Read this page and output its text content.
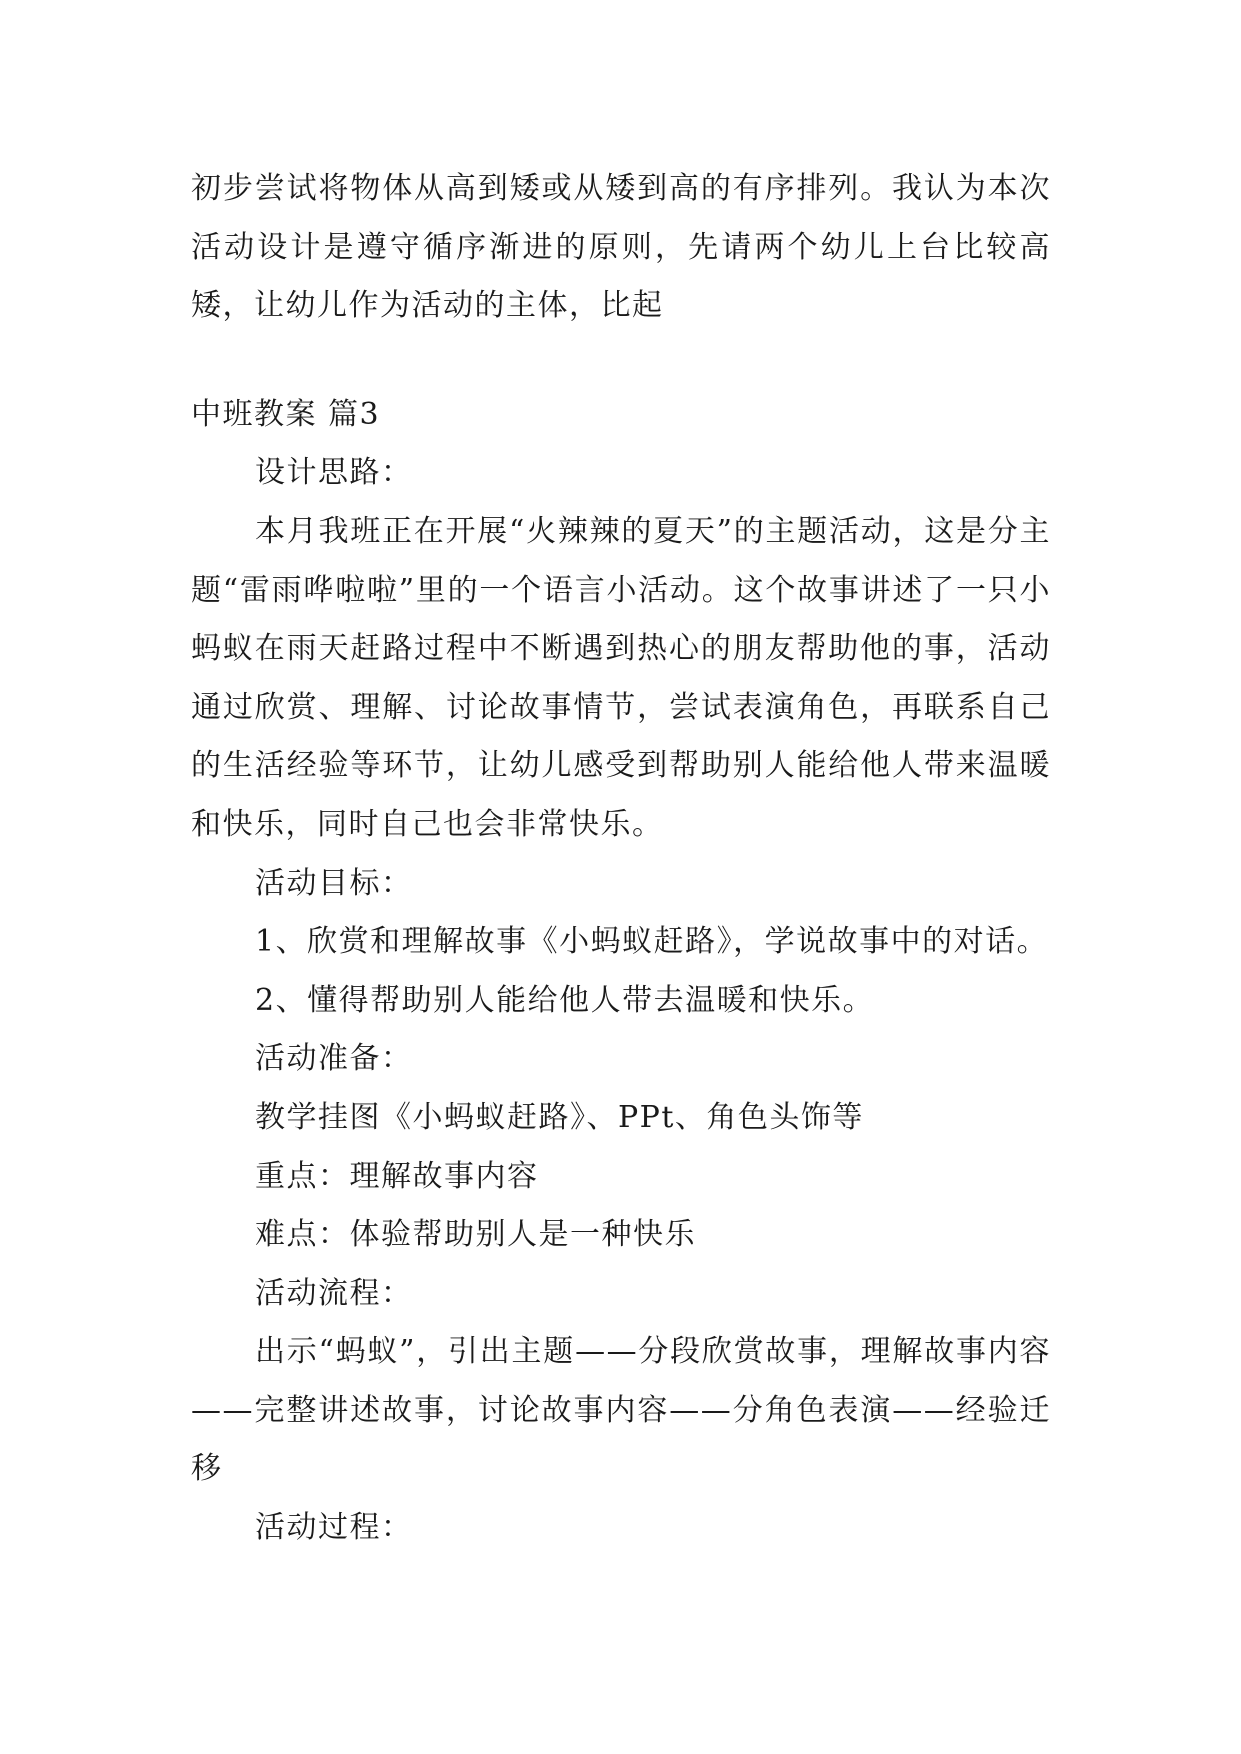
初步尝试将物体从高到矮或从矮到高的有序排列。我认为本次活动设计是遵守循序渐进的原则，先请两个幼儿上台比较高矮，让幼儿作为活动的主体，比起

中班教案 篇3

设计思路：

本月我班正在开展“火辣辣的夏天”的主题活动，这是分主题“雷雨哗啦啦”里的一个语言小活动。这个故事讲述了一只小蚂蚁在雨天赶路过程中不断遇到热心的朋友帮助他的事，活动通过欣赏、理解、讨论故事情节，尝试表演角色，再联系自己的生活经验等环节，让幼儿感受到帮助别人能给他人带来温暖和快乐，同时自己也会非常快乐。

活动目标：

1、欣赏和理解故事《小蚂蚁赶路》，学说故事中的对话。

2、懂得帮助别人能给他人带去温暖和快乐。

活动准备：

教学挂图《小蚂蚁赶路》、PPt、角色头饰等

重点：理解故事内容

难点：体验帮助别人是一种快乐

活动流程：

出示“蚂蚁”，引出主题——分段欣赏故事，理解故事内容——完整讲述故事，讨论故事内容——分角色表演——经验迁移

活动过程：
